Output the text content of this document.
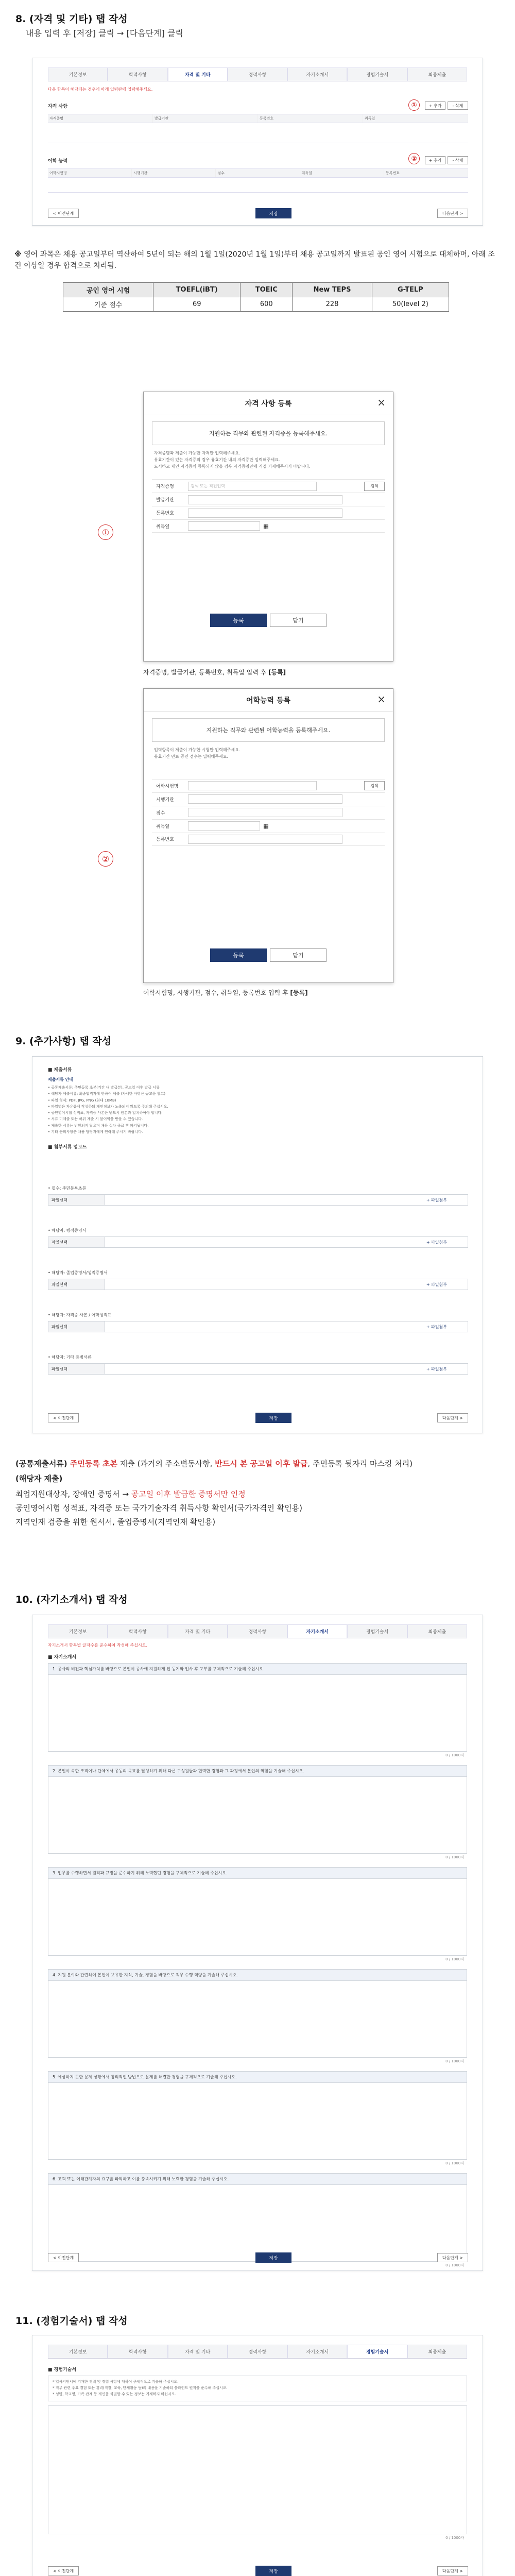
8. (자격 및 기타) 탭 작성
내용 입력 후 [저장] 클릭 → [다음단계] 클릭
기본정보	학력사항	자격 및 기타	경력사항	자기소개서	경험기술서	최종제출
다음 항목이 해당되는 경우에 아래 입력란에 입력해주세요.
자격 사항	+ 추가	- 삭제
자격증명	발급기관	등록번호	취득일
①
어학 능력	+ 추가	- 삭제
어학시험명	시행기관	점수	취득일	등록번호
②
< 이전단계	저장	다음단계 >
※ 영어 과목은 채용 공고일부터 역산하여 5년이 되는 해의 1월 1일(2020년 1월 1일)부터 채용 공고일까지 발표된 공인 영어 시험으로 대체하며, 아래 조건 이상일 경우 합격으로 처리됨.
공인 영어 시험	TOEFL(iBT)	TOEIC	New TEPS	G-TELP
기준 점수	69	600	228	50(level 2)
①
자격 사항 등록	×
지원하는 직무와 관련된 자격증을 등록해주세요.
자격증명과 제출이 가능한 자격만 입력해주세요.
유효기간이 있는 자격증의 경우 유효기간 내의 자격증만 입력해주세요.
도서하고 제인 자격증의 등록되지 않을 경우 자격증명만에 직접 기재해주시기 바랍니다.
자격증명	검색 또는 직접입력	검색
발급기관
등록번호
취득일	▦
등록	닫기
자격증명, 발급기관, 등록번호, 취득일 입력 후 [등록]
②
어학능력 등록	×
지원하는 직무와 관련된 어학능력을 등록해주세요.
입력항목이 제출이 가능한 시험만 입력해주세요.
유효기간 만료 공인 점수는 입력해주세요.
어학시험명	검색
시행기관
점수
취득일	▦
등록번호
등록	닫기
어학시험명, 시행기관, 점수, 취득일, 등록번호 입력 후 [등록]
9. (추가사항) 탭 작성
■ 제출서류
제출서류 안내
• 공통제출서류: 주민등록 초본(기간 내 발급분), 공고일 이후 발급 서류
• 해당자 제출서류: 최종합격자에 한하여 제출 (자세한 사항은 공고문 참고)
• 파일 형식: PDF, JPG, PNG (최대 10MB)
• 파일명은 자유롭게 작성하되 개인정보가 노출되지 않도록 주의해 주십시오.
• 공인영어시험 성적표, 자격증 사본은 반드시 원본과 일치하여야 합니다.
• 서류 미제출 또는 허위 제출 시 불이익을 받을 수 있습니다.
• 제출한 서류는 반환되지 않으며 채용 절차 종료 후 파기됩니다.
• 기타 문의사항은 채용 담당자에게 연락해 주시기 바랍니다.
■ 첨부서류 업로드
• 필수: 주민등록초본
파일선택	+ 파일첨부
• 해당자: 병적증명서
파일선택	+ 파일첨부
• 해당자: 졸업증명서/성적증명서
파일선택	+ 파일첨부
• 해당자: 자격증 사본 / 어학성적표
파일선택	+ 파일첨부
• 해당자: 기타 증빙서류
파일선택	+ 파일첨부
< 이전단계	저장	다음단계 >
(공통제출서류) 주민등록 초본 제출 (과거의 주소변동사항, 반드시 본 공고일 이후 발급, 주민등록 뒷자리 마스킹 처리)
(해당자 제출)
최업지원대상자, 장애인 증명서 → 공고일 이후 발급한 증명서만 인정
공인영어시험 성적표, 자격증 또는 국가기술자격 취득사항 확인서(국가자격인 확인용)
지역인재 검증을 위한 원서서, 졸업증명서(지역인재 확인용)
10. (자기소개서) 탭 작성
기본정보	학력사항	자격 및 기타	경력사항	자기소개서	경험기술서	최종제출
자기소개서 항목별 글자수를 준수하여 작성해 주십시오.
■ 자기소개서
1. 공사의 비전과 핵심가치를 바탕으로 본인이 공사에 지원하게 된 동기와 입사 후 포부를 구체적으로 기술해 주십시오.
0 / 1000자
2. 본인이 속한 조직이나 단체에서 공동의 목표를 달성하기 위해 다른 구성원들과 협력한 경험과 그 과정에서 본인의 역할을 기술해 주십시오.
0 / 1000자
3. 업무를 수행하면서 원칙과 규정을 준수하기 위해 노력했던 경험을 구체적으로 기술해 주십시오.
0 / 1000자
4. 지원 분야와 관련하여 본인이 보유한 지식, 기술, 경험을 바탕으로 직무 수행 역량을 기술해 주십시오.
0 / 1000자
5. 예상하지 못한 문제 상황에서 창의적인 방법으로 문제를 해결한 경험을 구체적으로 기술해 주십시오.
0 / 1000자
6. 고객 또는 이해관계자의 요구를 파악하고 이를 충족시키기 위해 노력한 경험을 기술해 주십시오.
0 / 1000자
< 이전단계	저장	다음단계 >
11. (경험기술서) 탭 작성
기본정보	학력사항	자격 및 기타	경력사항	자기소개서	경험기술서	최종제출
■ 경험기술서
* 입사지원서에 기재한 경력 및 경험 사항에 대하여 구체적으로 기술해 주십시오.
* 직무 관련 주요 경험 또는 경력(직장, 교육, 단체활동 등)의 내용을 기술하되 블라인드 원칙을 준수해 주십시오.
* 성명, 학교명, 가족 관계 등 개인을 식별할 수 있는 정보는 기재하지 마십시오.
0 / 1000자
< 이전단계	저장	다음단계 >
